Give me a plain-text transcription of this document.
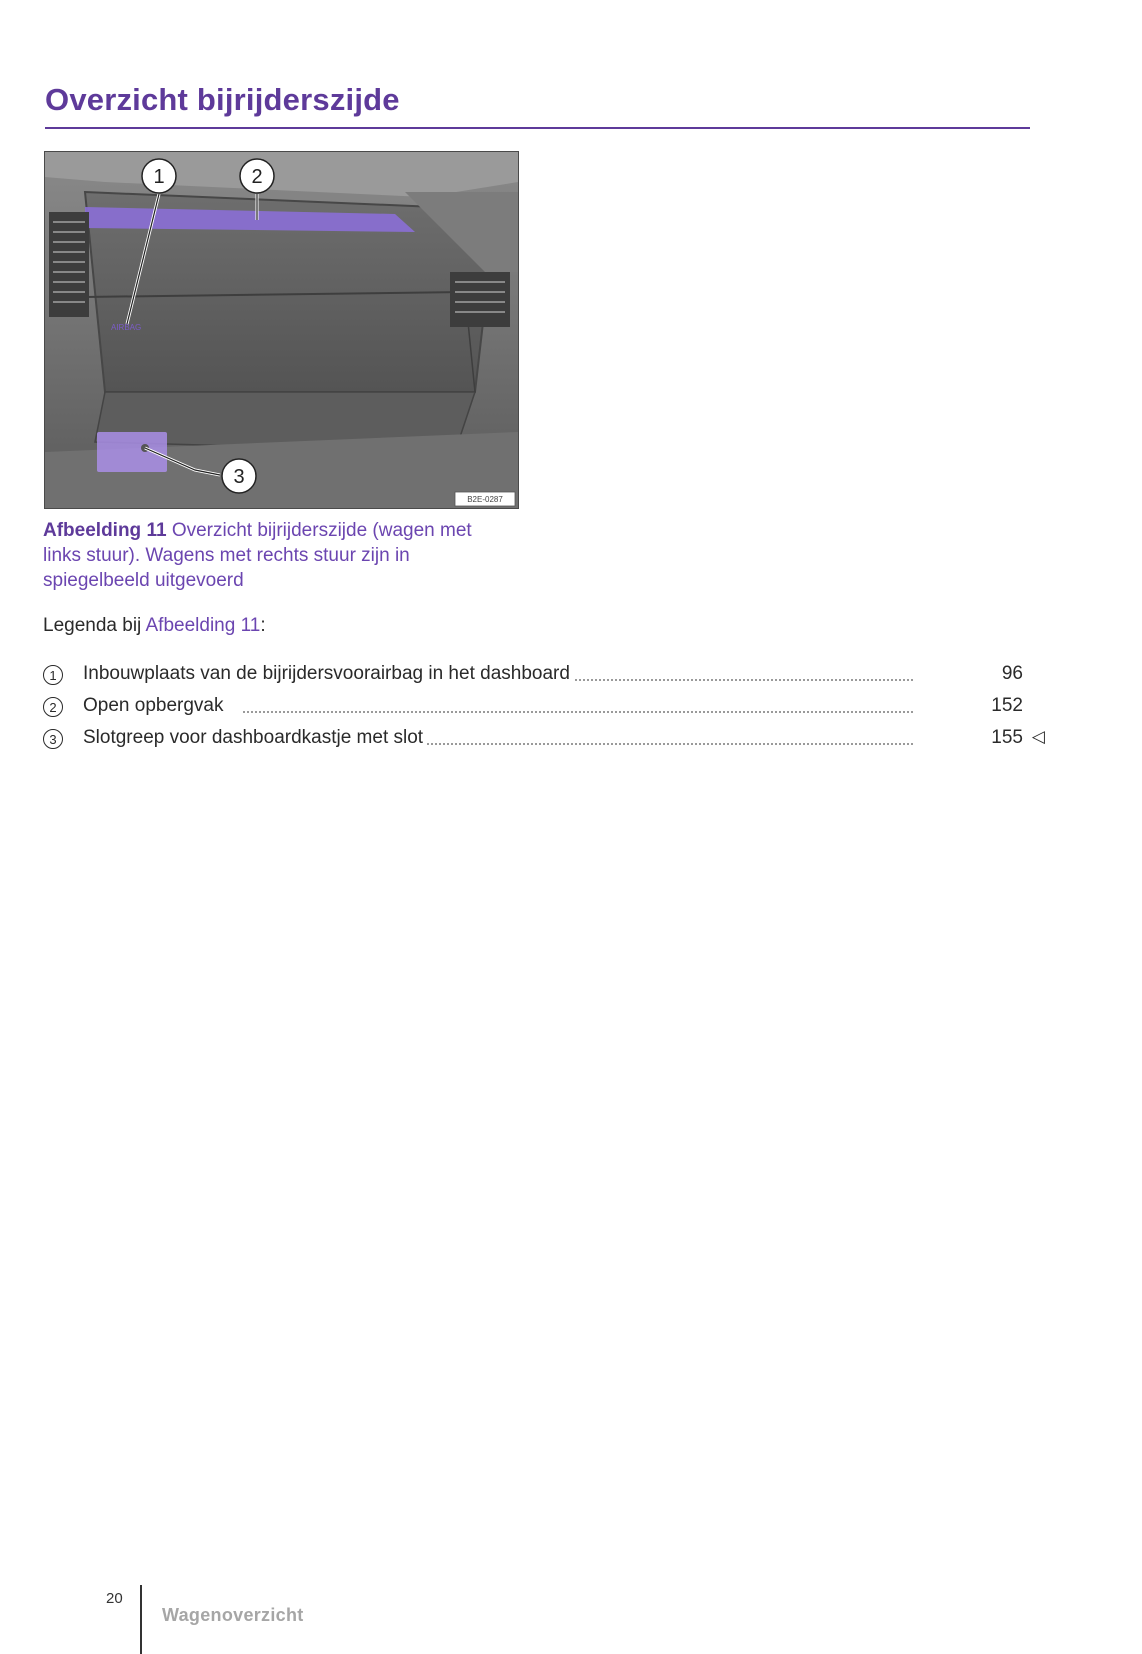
Overzicht bijrijderszijde
AIRBAG
1	2
3
B2E-0287

Afbeelding 11 Overzicht bijrijderszijde (wagen met links stuur). Wagens met rechts stuur zijn in spiegelbeeld uitgevoerd

Legenda bij Afbeelding 11:

1	Inbouwplaats van de bijrijdersvoorairbag in het dashboard	96
2	Open opbergvak	152
3	Slotgreep voor dashboardkastje met slot	155 ◁
20
Wagenoverzicht
